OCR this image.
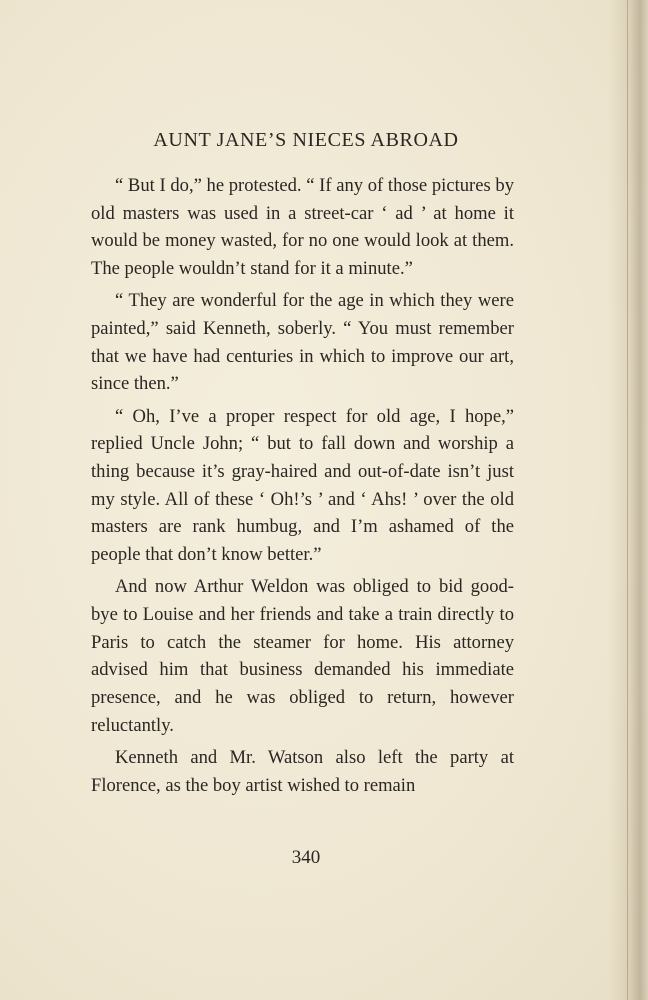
AUNT JANE’S NIECES ABROAD

“ But I do,” he protested. “ If any of those pictures by old masters was used in a street-car ‘ ad ’ at home it would be money wasted, for no one would look at them. The people wouldn’t stand for it a minute.”

“ They are wonderful for the age in which they were painted,” said Kenneth, soberly. “ You must remember that we have had centuries in which to improve our art, since then.”

“ Oh, I’ve a proper respect for old age, I hope,” replied Uncle John; “ but to fall down and worship a thing because it’s gray-haired and out-of-date isn’t just my style. All of these ‘ Oh!’s ’ and ‘ Ahs! ’ over the old masters are rank humbug, and I’m ashamed of the people that don’t know better.”

And now Arthur Weldon was obliged to bid good-bye to Louise and her friends and take a train directly to Paris to catch the steamer for home. His attorney advised him that business demanded his immediate presence, and he was obliged to return, however reluctantly.

Kenneth and Mr. Watson also left the party at Florence, as the boy artist wished to remain

340
